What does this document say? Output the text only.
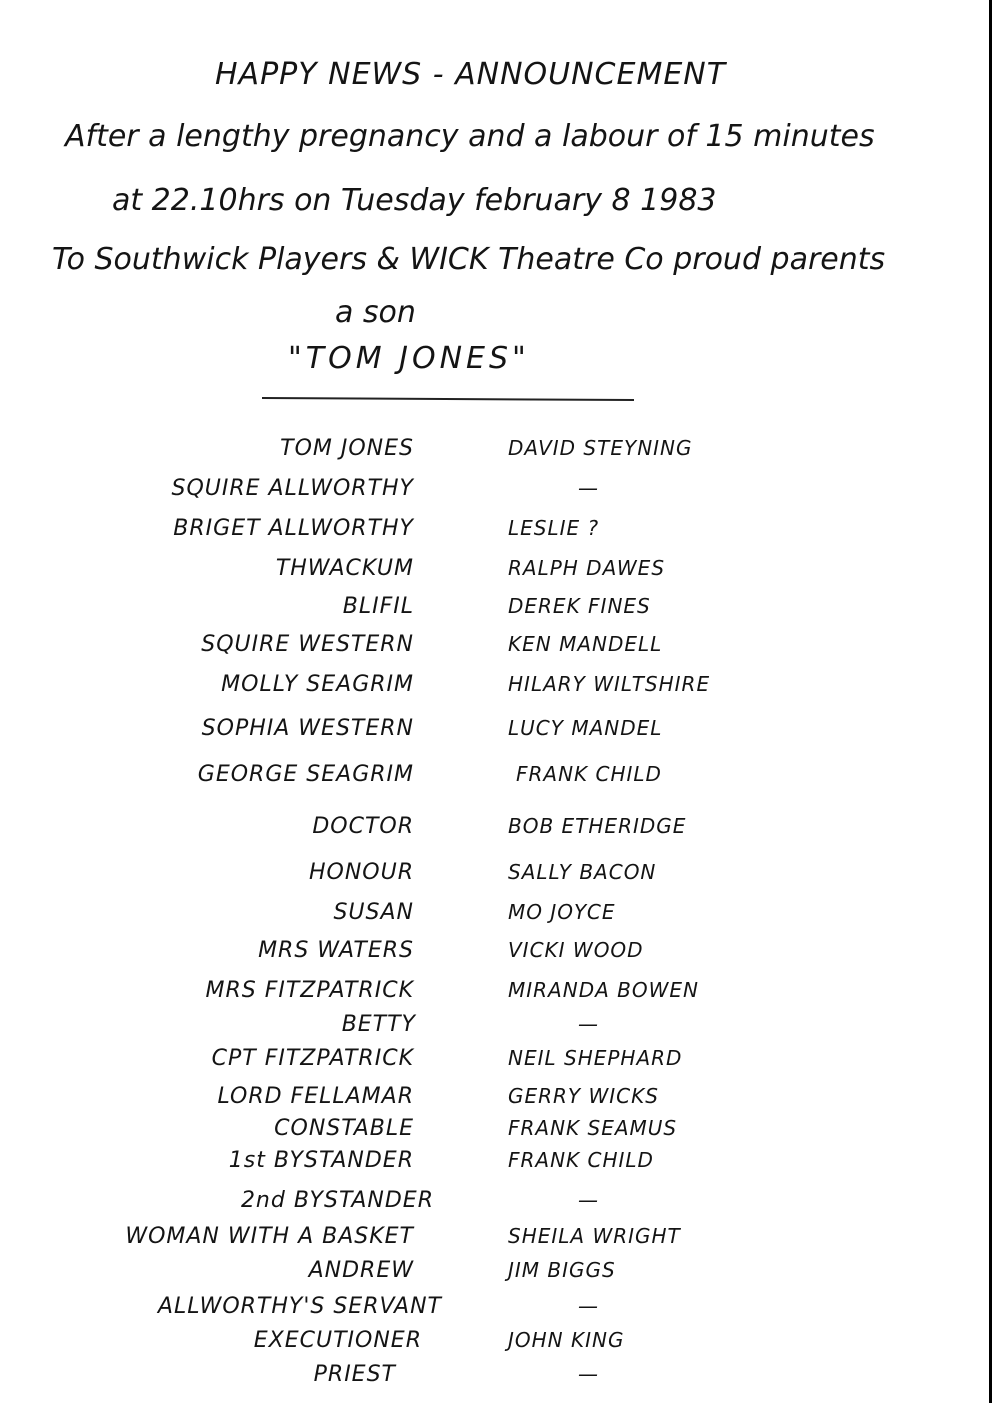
HAPPY NEWS - ANNOUNCEMENT
After a lengthy pregnancy and a labour of 15 minutes
at 22.10hrs on Tuesday february 8 1983
To Southwick Players & WICK Theatre Co proud parents
a son
"TOM JONES"
TOM JONES	DAVID STEYNING
SQUIRE ALLWORTHY	—
BRIGET ALLWORTHY	LESLIE ?
THWACKUM	RALPH DAWES
BLIFIL	DEREK FINES
SQUIRE WESTERN	KEN MANDELL
MOLLY SEAGRIM	HILARY WILTSHIRE
SOPHIA WESTERN	LUCY MANDEL
GEORGE SEAGRIM	FRANK CHILD
DOCTOR	BOB ETHERIDGE
HONOUR	SALLY BACON
SUSAN	MO JOYCE
MRS WATERS	VICKI WOOD
MRS FITZPATRICK	MIRANDA BOWEN
BETTY	—
CPT FITZPATRICK	NEIL SHEPHARD
LORD FELLAMAR	GERRY WICKS
CONSTABLE	FRANK SEAMUS
1st BYSTANDER	FRANK CHILD
2nd BYSTANDER	—
WOMAN WITH A BASKET	SHEILA WRIGHT
ANDREW	JIM BIGGS
ALLWORTHY'S SERVANT	—
EXECUTIONER	JOHN KING
PRIEST	—
